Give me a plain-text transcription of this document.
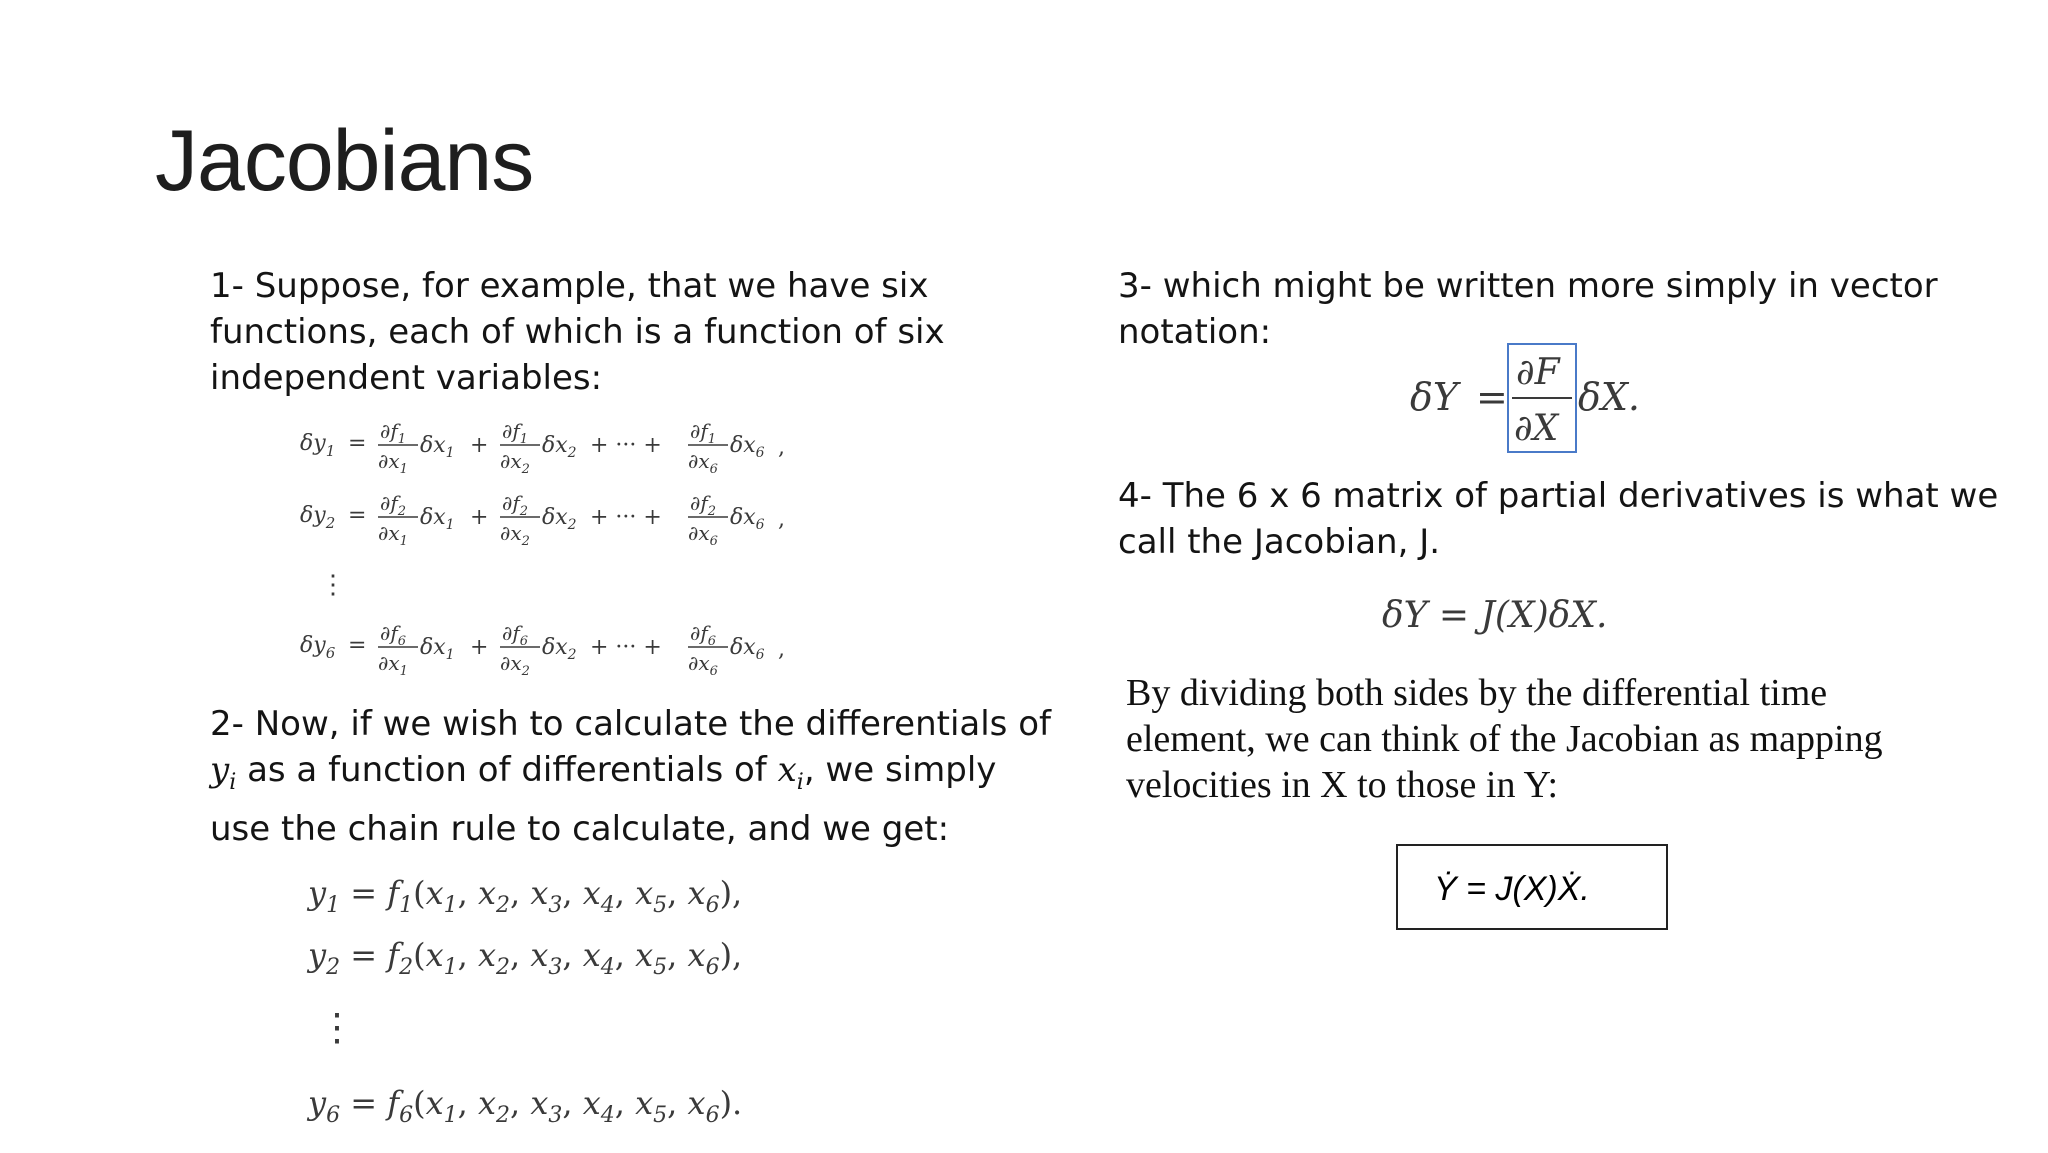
Jacobians
1- Suppose, for example, that we have six
functions, each of which is a function of six
independent variables:
$\delta y_1 = \partial f_1$
$\partial x_1$
$\delta x_1$ +
$\partial f_1$
$\partial x_2$
$\delta x_2$ + ··· +
$\partial f_1$
$\partial x_6$
$\delta x_6$ ,
$\delta y_2 = \partial f_2$
$\partial x_1$
$\delta x_1$ +
$\partial f_2$
$\partial x_2$
$\delta x_2$ + ··· +
$\partial f_2$
$\partial x_6$
$\delta x_6$ ,
⋮
$\delta y_6 = \partial f_6$
$\partial x_1$
$\delta x_1$ +
$\partial f_6$
$\partial x_2$
$\delta x_2$ + ··· +
$\partial f_6$
$\partial x_6$
$\delta x_6$ ,
2- Now, if we wish to calculate the differentials of
$y_i$ as a function of differentials of $x_i$, we simply
use the chain rule to calculate, and we get:
$y_1 = f_1(x_1$, $x_2$, $x_3$, $x_4$, $x_5$, $x_6$),
$y_2 = f_2(x_1$, $x_2$, $x_3$, $x_4$, $x_5$, $x_6$),
⋮
$y_6 = f_6(x_1$, $x_2$, $x_3$, $x_4$, $x_5$, $x_6$).
3- which might be written more simply in vector
notation:
δY =
∂F
∂X
δX.
4- The 6 x 6 matrix of partial derivatives is what we
call the Jacobian, J.
δY = J(X)δX.
By dividing both sides by the differential time
element, we can think of the Jacobian as mapping
velocities in X to those in Y:
Ẏ = J(X)Ẋ.
